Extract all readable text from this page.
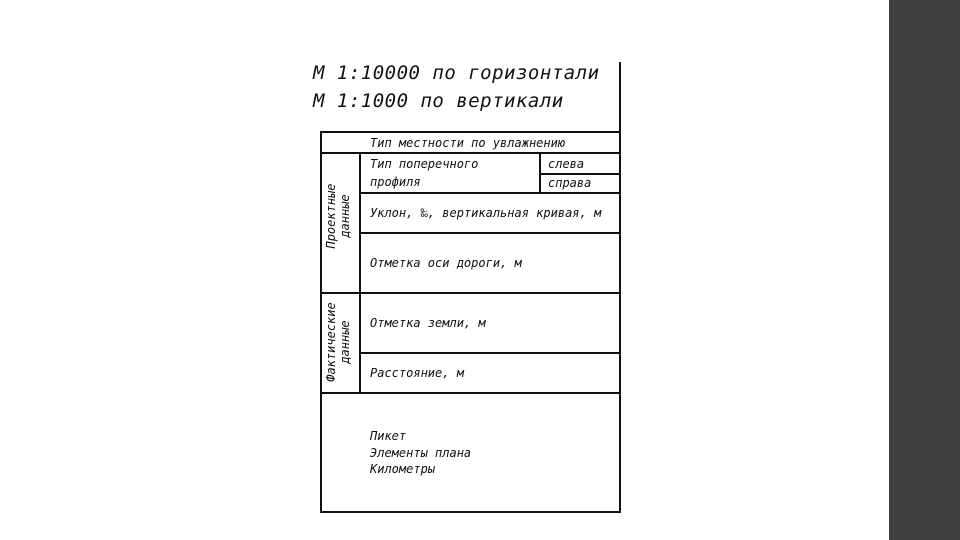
М 1:10000 по горизонтали
М 1:1000 по вертикали
Тип местности по увлажнению
Тип поперечного
профиля
слева
справа
Уклон, ‰, вертикальная кривая, м
Отметка оси дороги, м
Отметка земли, м
Расстояние, м
Пикет
Элементы плана
Километры
Проектные данные
Фактические данные
